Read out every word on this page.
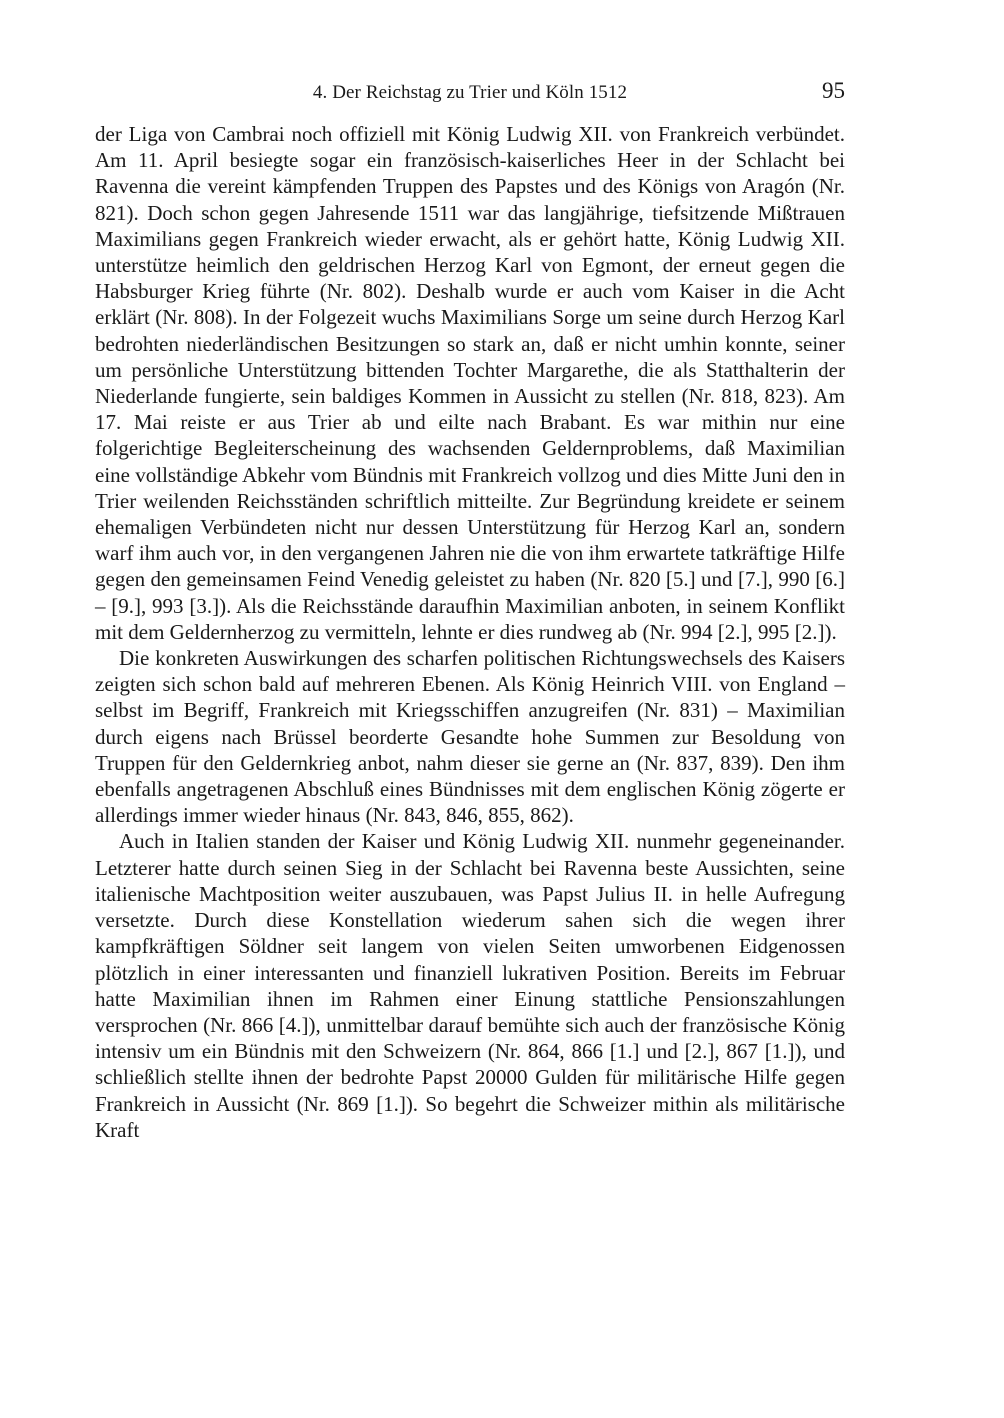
4. Der Reichstag zu Trier und Köln 1512	95

der Liga von Cambrai noch offiziell mit König Ludwig XII. von Frankreich verbündet. Am 11. April besiegte sogar ein französisch-kaiserliches Heer in der Schlacht bei Ravenna die vereint kämpfenden Truppen des Papstes und des Königs von Aragón (Nr. 821). Doch schon gegen Jahresende 1511 war das langjährige, tiefsitzende Mißtrauen Maximilians gegen Frankreich wieder erwacht, als er gehört hatte, König Ludwig XII. unterstütze heimlich den geldrischen Herzog Karl von Egmont, der erneut gegen die Habsburger Krieg führte (Nr. 802). Deshalb wurde er auch vom Kaiser in die Acht erklärt (Nr. 808). In der Folgezeit wuchs Maximilians Sorge um seine durch Herzog Karl bedrohten niederländischen Besitzungen so stark an, daß er nicht umhin konnte, seiner um persönliche Unterstützung bittenden Tochter Margarethe, die als Statthalterin der Niederlande fungierte, sein baldiges Kommen in Aussicht zu stellen (Nr. 818, 823). Am 17. Mai reiste er aus Trier ab und eilte nach Brabant. Es war mithin nur eine folgerichtige Begleiterscheinung des wachsenden Geldernproblems, daß Maximilian eine vollständige Abkehr vom Bündnis mit Frankreich vollzog und dies Mitte Juni den in Trier weilenden Reichsständen schriftlich mitteilte. Zur Begründung kreidete er seinem ehemaligen Verbündeten nicht nur dessen Unterstützung für Herzog Karl an, sondern warf ihm auch vor, in den vergangenen Jahren nie die von ihm erwartete tatkräftige Hilfe gegen den gemeinsamen Feind Venedig geleistet zu haben (Nr. 820 [5.] und [7.], 990 [6.] – [9.], 993 [3.]). Als die Reichsstände daraufhin Maximilian anboten, in seinem Konflikt mit dem Geldernherzog zu vermitteln, lehnte er dies rundweg ab (Nr. 994 [2.], 995 [2.]).

Die konkreten Auswirkungen des scharfen politischen Richtungswechsels des Kaisers zeigten sich schon bald auf mehreren Ebenen. Als König Heinrich VIII. von England – selbst im Begriff, Frankreich mit Kriegsschiffen anzugreifen (Nr. 831) – Maximilian durch eigens nach Brüssel beorderte Gesandte hohe Summen zur Besoldung von Truppen für den Geldernkrieg anbot, nahm dieser sie gerne an (Nr. 837, 839). Den ihm ebenfalls angetragenen Abschluß eines Bündnisses mit dem englischen König zögerte er allerdings immer wieder hinaus (Nr. 843, 846, 855, 862).

Auch in Italien standen der Kaiser und König Ludwig XII. nunmehr gegeneinander. Letzterer hatte durch seinen Sieg in der Schlacht bei Ravenna beste Aussichten, seine italienische Machtposition weiter auszubauen, was Papst Julius II. in helle Aufregung versetzte. Durch diese Konstellation wiederum sahen sich die wegen ihrer kampfkräftigen Söldner seit langem von vielen Seiten umworbenen Eidgenossen plötzlich in einer interessanten und finanziell lukrativen Position. Bereits im Februar hatte Maximilian ihnen im Rahmen einer Einung stattliche Pensionszahlungen versprochen (Nr. 866 [4.]), unmittelbar darauf bemühte sich auch der französische König intensiv um ein Bündnis mit den Schweizern (Nr. 864, 866 [1.] und [2.], 867 [1.]), und schließlich stellte ihnen der bedrohte Papst 20000 Gulden für militärische Hilfe gegen Frankreich in Aussicht (Nr. 869 [1.]). So begehrt die Schweizer mithin als militärische Kraft
